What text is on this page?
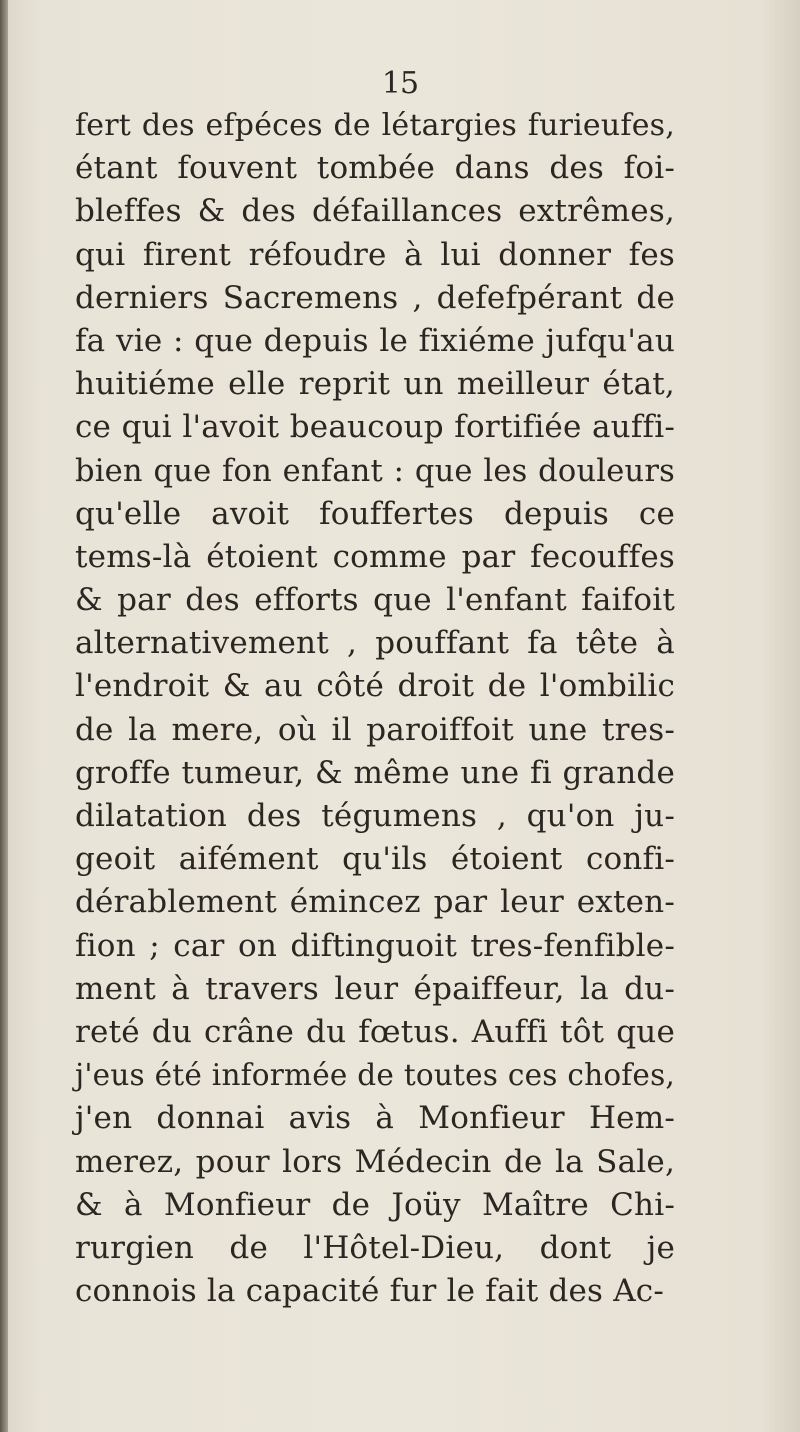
15
fert des efpéces de létargies furieufes,
étant fouvent tombée dans des foi-
bleffes & des défaillances extrêmes,
qui firent réfoudre à lui donner fes
derniers Sacremens , defefpérant de
fa vie : que depuis le fixiéme jufqu'au
huitiéme elle reprit un meilleur état,
ce qui l'avoit beaucoup fortifiée auffi-
bien que fon enfant : que les douleurs
qu'elle avoit fouffertes depuis ce
tems-là étoient comme par fecouffes
& par des efforts que l'enfant faifoit
alternativement , pouffant fa tête à
l'endroit & au côté droit de l'ombilic
de la mere, où il paroiffoit une tres-
groffe tumeur, & même une fi grande
dilatation des tégumens , qu'on ju-
geoit aifément qu'ils étoient confi-
dérablement émincez par leur exten-
fion ; car on diftinguoit tres-fenfible-
ment à travers leur épaiffeur, la du-
reté du crâne du fœtus. Auffi tôt que
j'eus été informée de toutes ces chofes,
j'en donnai avis à Monfieur Hem-
merez, pour lors Médecin de la Sale,
& à Monfieur de Joüy Maître Chi-
rurgien de l'Hôtel-Dieu, dont je
connois la capacité fur le fait des Ac-
